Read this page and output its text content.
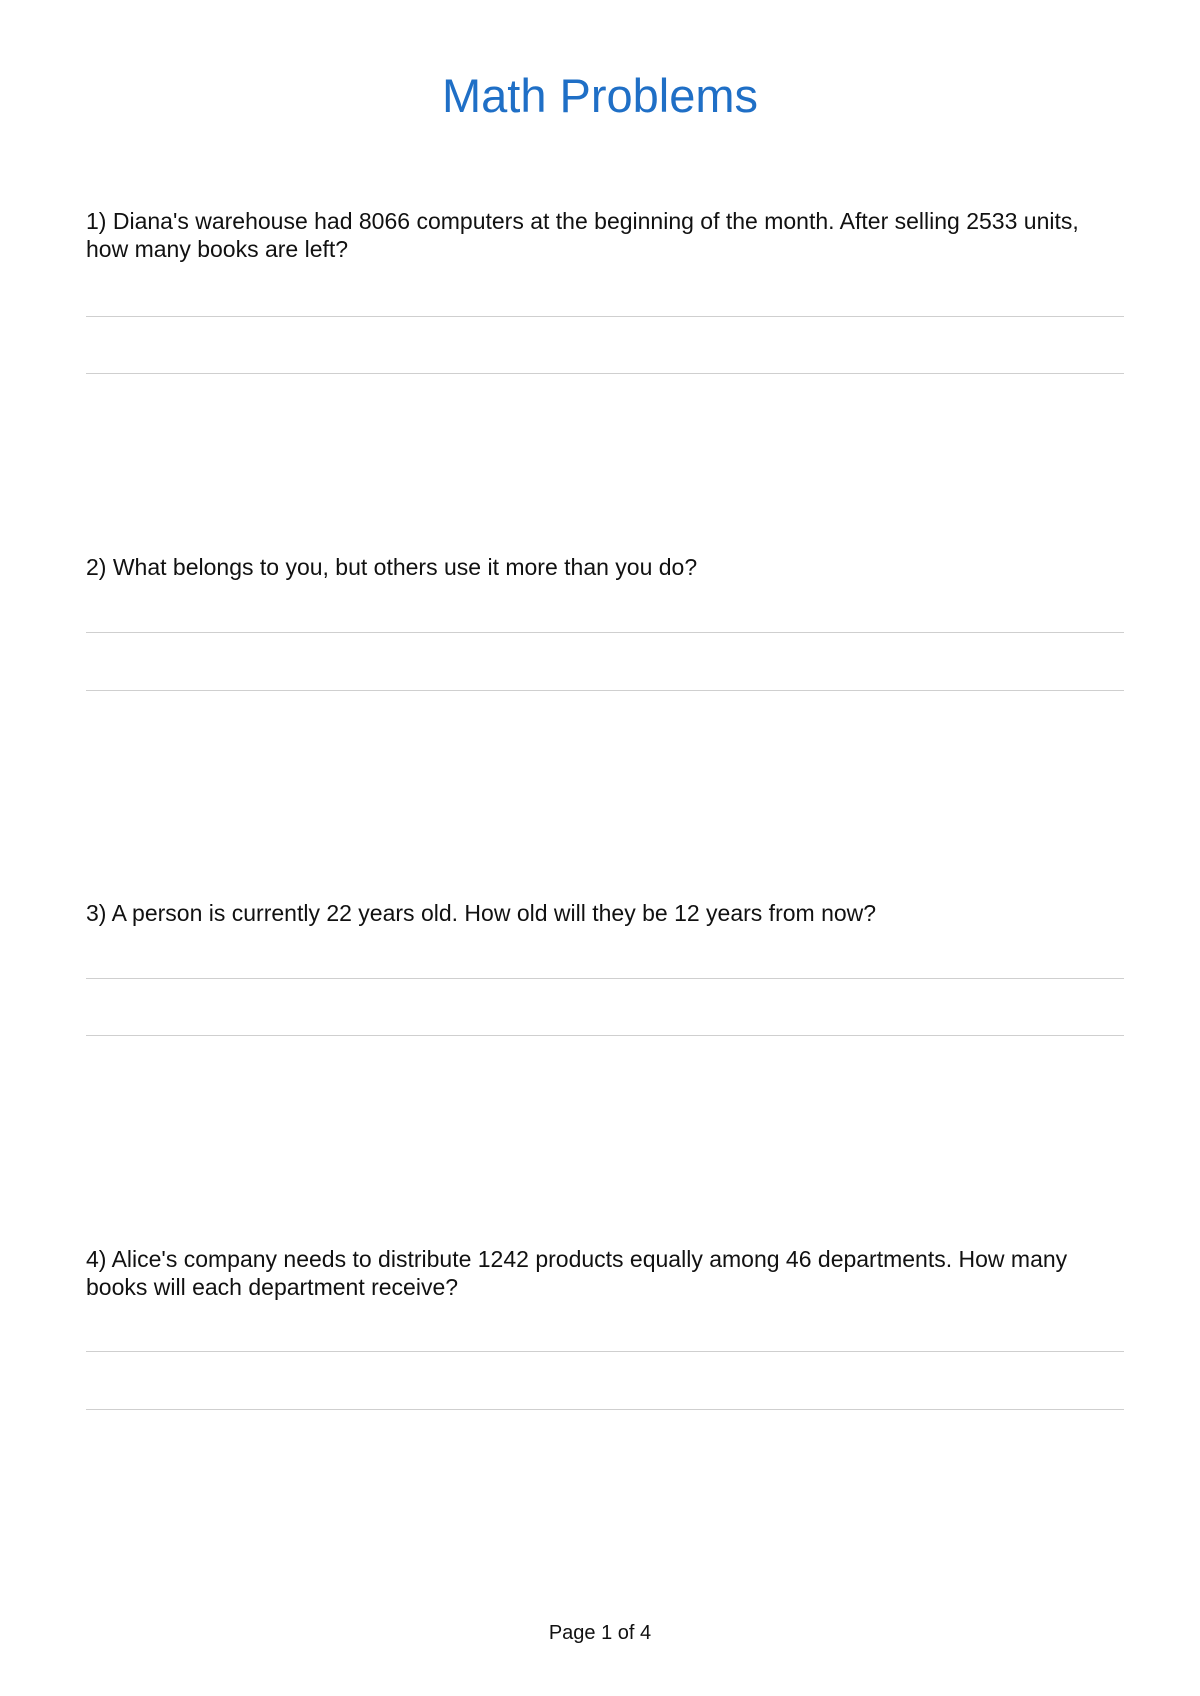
Math Problems

1) Diana's warehouse had 8066 computers at the beginning of the month. After selling 2533 units, how many books are left?

2) What belongs to you, but others use it more than you do?

3) A person is currently 22 years old. How old will they be 12 years from now?

4) Alice's company needs to distribute 1242 products equally among 46 departments. How many books will each department receive?

Page 1 of 4
